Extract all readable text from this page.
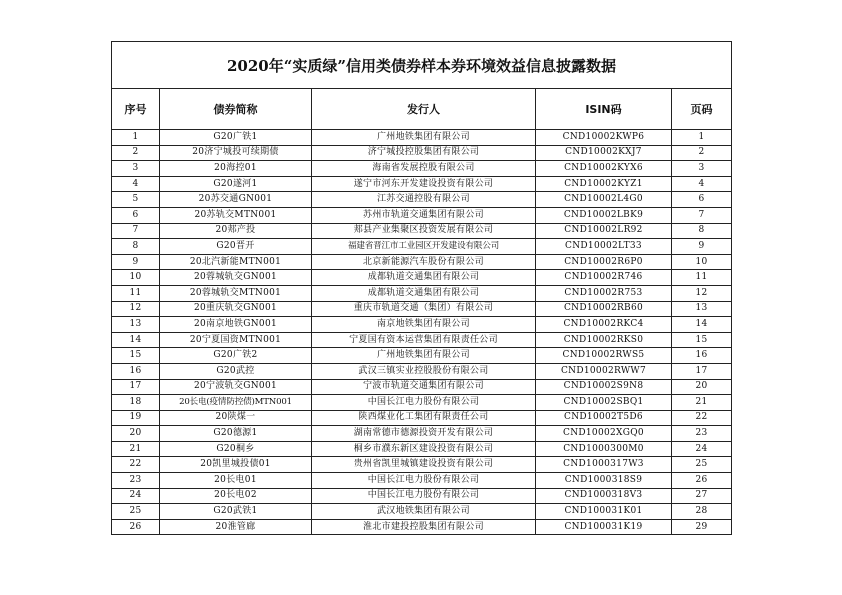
2020年“实质绿”信用类债券样本券环境效益信息披露数据				
序号	债券简称	发行人	ISIN码	页码
1	G20广铁1	广州地铁集团有限公司	CND10002KWP6	1
2	20济宁城投可续期债	济宁城投控股集团有限公司	CND10002KXJ7	2
3	20海控01	海南省发展控股有限公司	CND10002KYX6	3
4	G20遂河1	遂宁市河东开发建设投资有限公司	CND10002KYZ1	4
5	20苏交通GN001	江苏交通控股有限公司	CND10002L4G0	6
6	20苏轨交MTN001	苏州市轨道交通集团有限公司	CND10002LBK9	7
7	20郏产投	郏县产业集聚区投资发展有限公司	CND10002LR92	8
8	G20晋开	福建省晋江市工业园区开发建设有限公司	CND10002LT33	9
9	20北汽新能MTN001	北京新能源汽车股份有限公司	CND10002R6P0	10
10	20蓉城轨交GN001	成都轨道交通集团有限公司	CND10002R746	11
11	20蓉城轨交MTN001	成都轨道交通集团有限公司	CND10002R753	12
12	20重庆轨交GN001	重庆市轨道交通（集团）有限公司	CND10002RB60	13
13	20南京地铁GN001	南京地铁集团有限公司	CND10002RKC4	14
14	20宁夏国资MTN001	宁夏国有资本运营集团有限责任公司	CND10002RKS0	15
15	G20广铁2	广州地铁集团有限公司	CND10002RWS5	16
16	G20武控	武汉三镇实业控股股份有限公司	CND10002RWW7	17
17	20宁波轨交GN001	宁波市轨道交通集团有限公司	CND10002S9N8	20
18	20长电(疫情防控债)MTN001	中国长江电力股份有限公司	CND10002SBQ1	21
19	20陕煤一	陕西煤业化工集团有限责任公司	CND10002T5D6	22
20	G20德源1	湖南常德市德源投资开发有限公司	CND10002XGQ0	23
21	G20桐乡	桐乡市濮东新区建设投资有限公司	CND1000300M0	24
22	20凯里城投债01	贵州省凯里城镇建设投资有限公司	CND1000317W3	25
23	20长电01	中国长江电力股份有限公司	CND1000318S9	26
24	20长电02	中国长江电力股份有限公司	CND1000318V3	27
25	G20武铁1	武汉地铁集团有限公司	CND100031K01	28
26	20淮管廊	淮北市建投控股集团有限公司	CND100031K19	29
